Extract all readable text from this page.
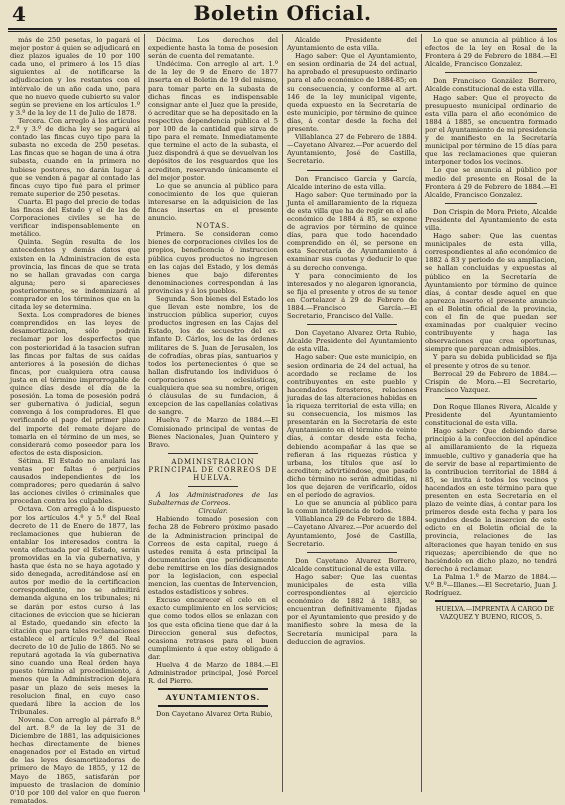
4	Boletin Oficial.

más de 250 pesetas, lo pagará el mejor postor á quien se adjudicará en diez plazos iguales de 10 por 100 cada uno, el primero á los 15 días siguientes al de notificarse la adjudicacion y los restantes con el intérvalo de un año cada uno, para que no nuevo quede cubierto su valor según se previene en los artículos 1.º y 3.º de la ley de 11 de Julio de 1878.

Tercera. Con arreglo á los artículos 2.º y 3.º de dicha ley se pagará al contado las fincas cuyo tipo para la subasta no exceda de 250 pesetas. Las fincas que se hagan de una á otra subasta, cuando en la primera no hubiese postores, no darán lugar á que se venden á pagar al contado las fincas cuyo tipo fué para el primer remate superior de 250 pesetas.

Cuarta. El pago del precio de todas las fincas del Estado y el de las de Corporaciones civiles se ha de verificar indispensablemente en metálico.

Quinta. Según resulta de los antecedentes y demás datos que existen en la Administracion de esta provincia, las fincas de que se trata no se hallan gravadas con carga alguna; pero si aparecieses posteriormente, se indemnizará al comprador en los términos que en la citada ley se determina.

Sexta. Los compradores de bienes comprendidos en las leyes de desamortizacion, sólo podrán reclamar por los desperfectos que con posterioridad á la tasacion sufran las fincas por faltas de sus caídas anteriores á la posesión de dichas fincas, por cualquiera otra causa justa en el término improrrogable de quince días desde el día de la posesión. La toma de posesión podrá ser gubernativa ó judicial, segun convenga á los compradores. El que verificando el pago del primer plazo del importe del remate dejare de tomarla en el término de un mes, se considerará como poseedor para los efectos de esta disposicion.

Sétima. El Estado no anulará las ventas por faltas ó perjuicios causados independientes de los compradores; pero quedarán á salvo las acciones civiles ó criminales que procedan contra los culpables.

Octava. Con arreglo á lo dispuesto por los artículos 4.º y 5.º del Real decreto de 11 de Enero de 1877, las reclamaciones que hubieran de entablar los interesados contra la venta efectuada por el Estado, serán promovidas en la vía gubernativa, y hasta que ésta no se haya agotado y sido denegada, acreditándose así en autos por medio de la certificacion correspondiente, no se admitirá demanda alguna en los tribunales; ni se darán por estos curso á las citaciones de eviccion que se hicieran al Estado, quedando sin efecto la citación que para tales reclamaciones establece el artículo 9.º del Real decreto de 10 de Julio de 1865. No se reputará agotada la vía gubernativa sino cuando una Real órden haya puesto término al procedimiento, á menos que la Administracion dejara pasar un plazo de seis meses la resolucion final, en cuyo caso quedará libre la accion de los Tribunales.

Novena. Con arreglo al párrafo 8.º del art. 8.º de la ley de 31 de Diciembre de 1881, las adquisiciones hechas directamente de bienes enagenados por el Estado en virtud de las leyes desamortizadoras de primero de Mayo de 1855, y 12 de Mayo de 1865, satisfarán por impuesto de traslacion de dominio 0'10 por 100 del valor en que fueron rematados.

Décima. Los derechos del expediente hasta la toma de posesion serán de cuenta del rematante.

Undécima. Con arreglo al art. 1.º de la ley de 9 de Enero de 1877 inserta en el Boletin de 19 del mismo, para tomar parte en la subasta de dichas fincas es indispensable consignar ante el Juez que la preside, ó acreditar que se ha depositado en la respectiva dependencia pública el 5 por 100 de la cantidad que sirva de tipo para el remate. Inmediatamente que termine el acto de la subasta, el Juez dispondrá á que se devuelvan los depósitos de los resguardos que los acrediten, reservando únicamente el del mejor postor.

Lo que se anuncia al público para conocimiento de los que quieran interesarse en la adquisicion de las fincas insertas en el presente anuncio.

NOTAS.

Primera. Se consideran como bienes de corporaciones civiles los de propios, beneficencia é instruccion pública cuyos productos no ingresen en las cajas del Estado, y los demás bienes que bajo diferentes denominaciones correspondan á las provincias y á los pueblos.

Segunda. Son bienes del Estado los que llevan este nombre, los de instruccion pública superior, cuyos productos ingresen en las Cajas del Estado, los de secuestro del ex-infante D. Cárlos, los de las órdenes militares de S. Juan de Jerusalen, los de cofradías, obras pías, santuarios y todos los pertenecientes ó que se hallan disfrutando los individuos ó corporaciones eclesiásticas, cualquiera que sea su nombre, origen ó cláusulas de su fundacion, á excepcion de las capellanías colativas de sangre.

Huelva 7 de Marzo de 1884.—El Comisionado principal de ventas de Bienes Nacionales, Juan Quintero y Bravo.

ADMINISTRACION

PRINCIPAL DE CORREOS DE HUELVA.

Á los Administradores de las Subalternas de Correos.

Circular.

Habiendo tomado posesion con fecha 28 de Febrero próximo pasado de la Administracion principal de Correos de esta capital, ruego á ustedes remita á esta principal la documentacion que periódicamente debe remitirse en los días designados por la legislacion, con especial mencion, las cuentas de Intervencion, estados estadísticos y sobres.

Excuso encarecer el celo en el exacto cumplimiento en los servicios; que como todos ellos se enlazan con los que esta oficina tiene que dar á la Direccion general sus defectos, ocasiona retrasos para el buen cumplimiento á que estoy obligado á dar.

Huelva 4 de Marzo de 1884.—El Administrador principal, José Porcel R. del Pierro.

AYUNTAMIENTOS.

Don Cayetano Alvarez Orta Rubio,

Alcalde Presidente del Ayuntamiento de esta villa.

Hago saber: Que el Ayuntamiento, en sesion ordinaria de 24 del actual, ha aprobado el presupuesto ordinario para el año económico de 1884-85; en su consecuencia, y conforme al art. 146 de la ley municipal vigente, queda expuesto en la Secretaría de este municipio, por término de quince días, á contar desde la fecha del presente.

Villablanca 27 de Febrero de 1884.—Cayetano Alvarez.—Por acuerdo del Ayuntamiento, José de Castilla, Secretario.

Don Francisco García y García, Alcalde interino de esta villa.

Hago saber: Que terminado por la Junta el amillaramiento de la riqueza de esta villa que ha de regir en el año económico de 1884 á 85, se expone de agravios por término de quince días, para que todo hacendado comprendido en él, se persone en esta Secretaría de Ayuntamiento á examinar sus cuotas y deducir lo que á su derecho convenga.

Y para conocimiento de los interesados y no alegaren ignorancia, se fija el presente y otros de su tenor en Cortelazor á 29 de Febrero de 1884.—Francisco García.—El Secretario, Francisco del Valle.

Don Cayetano Alvarez Orta Rubio, Alcalde Presidente del Ayuntamiento de esta villa.

Hago saber: Que este municipio, en sesion ordinaria de 24 del actual, ha acordado se reclame de los contribuyentes en este pueblo y hacendados forasteros, relaciones juradas de las alteraciones habidas en la riqueza territorial de esta villa; en su consecuencia, los mismos las presentarán en la Secretaría de este Ayuntamiento en el término de veinte días, á contar desde esta fecha, debiendo acompañar á las que se refieran á las riquezas rústica y urbana, los títulos que así lo acrediten; advirtiéndose, que pasado dicho término no serán admitidas, ni los que dejaren de verificarlo, oídos en el período de agravios.

Lo que se anuncia al público para la comun inteligencia de todos.

Villablanca 29 de Febrero de 1884.—Cayetano Alvarez.—Por acuerdo del Ayuntamiento, José de Castilla, Secretario.

Don Cayetano Alvarez Borrero, Alcalde constitucional de esta villa.

Hago saber: Que las cuentas municipales de esta villa correspondientes al ejercicio económico de 1882 á 1883, se encuentran definitivamente fijadas por el Ayuntamiento que presido y de manifiesto sobre la mesa de la Secretaría municipal para la deduccion de agravios.

Lo que se anuncia al público á los efectos de la ley en Rosal de la Frontera á 29 de Febrero de 1884.—El Alcalde, Francisco Gonzalez.

Don Francisco González Borrero, Alcalde constitucional de esta villa.

Hago saber: Que el proyecto de presupuesto municipal ordinario de esta villa para el año económico de 1884 á 1885, se encuentra formado por el Ayuntamiento de mi presidencia y de manifiesto en la Secretaría municipal por término de 15 días para que las reclamaciones que quieran interponer todos los vecinos.

Lo que se anuncia al público por medio del presente en Rosal de la Frontera á 29 de Febrero de 1884.—El Alcalde, Francisco Gonzalez.

Don Crispin de Mora Prieto, Alcalde Presidente del Ayuntamiento de esta villa.

Hago saber: Que las cuentas municipales de esta villa, correspondientes al año económico de 1882 á 83 y periodo de su ampliacion, se hallan concluidas y expuestas al público en la Secretaría de Ayuntamiento por término de quince días, á contar desde aquel en que aparezca inserto el presente anuncio en el Boletin oficial de la provincia, con el fin de que puedan ser examinadas por cualquier vecino contribuyente y haga las observaciones que crea oportunas, siempre que parezcan admisibles.

Y para su debida publicidad se fija el presente y otros de su tenor.

Berrocal 29 de Febrero de 1884.—Crispin de Mora.—El Secretario, Francisco Vazquez.

Don Roque Illanes Rivera, Alcalde y Presidente del Ayuntamiento constitucional de esta villa.

Hago saber: Que debiendo darse principio á la confeccion del apéndice al amillaramiento de la riqueza inmueble, cultivo y ganadería que ha de servir de base al repartimiento de la contribucion territorial de 1884 á 85, se invita á todos los vecinos y hacendados en este término para que presenten en esta Secretaría en el plazo de veinte días, á contar para los primeros desde esta fecha y para los segundos desde la insercion de este edicto en el Boletin oficial de la provincia, relaciones de las alteraciones que hayan tenido en sus riquezas; apercibiendo de que no haciéndolo en dicho plazo, no tendrá derecho á reclamar.

La Palma 1.º de Marzo de 1884.—V.º B.º—Illanes.—El Secretario, Juan J. Rodríguez.

HUELVA.—IMPRENTA Á CARGO DE VAZQUEZ Y BUENO, RICOS, 5.
